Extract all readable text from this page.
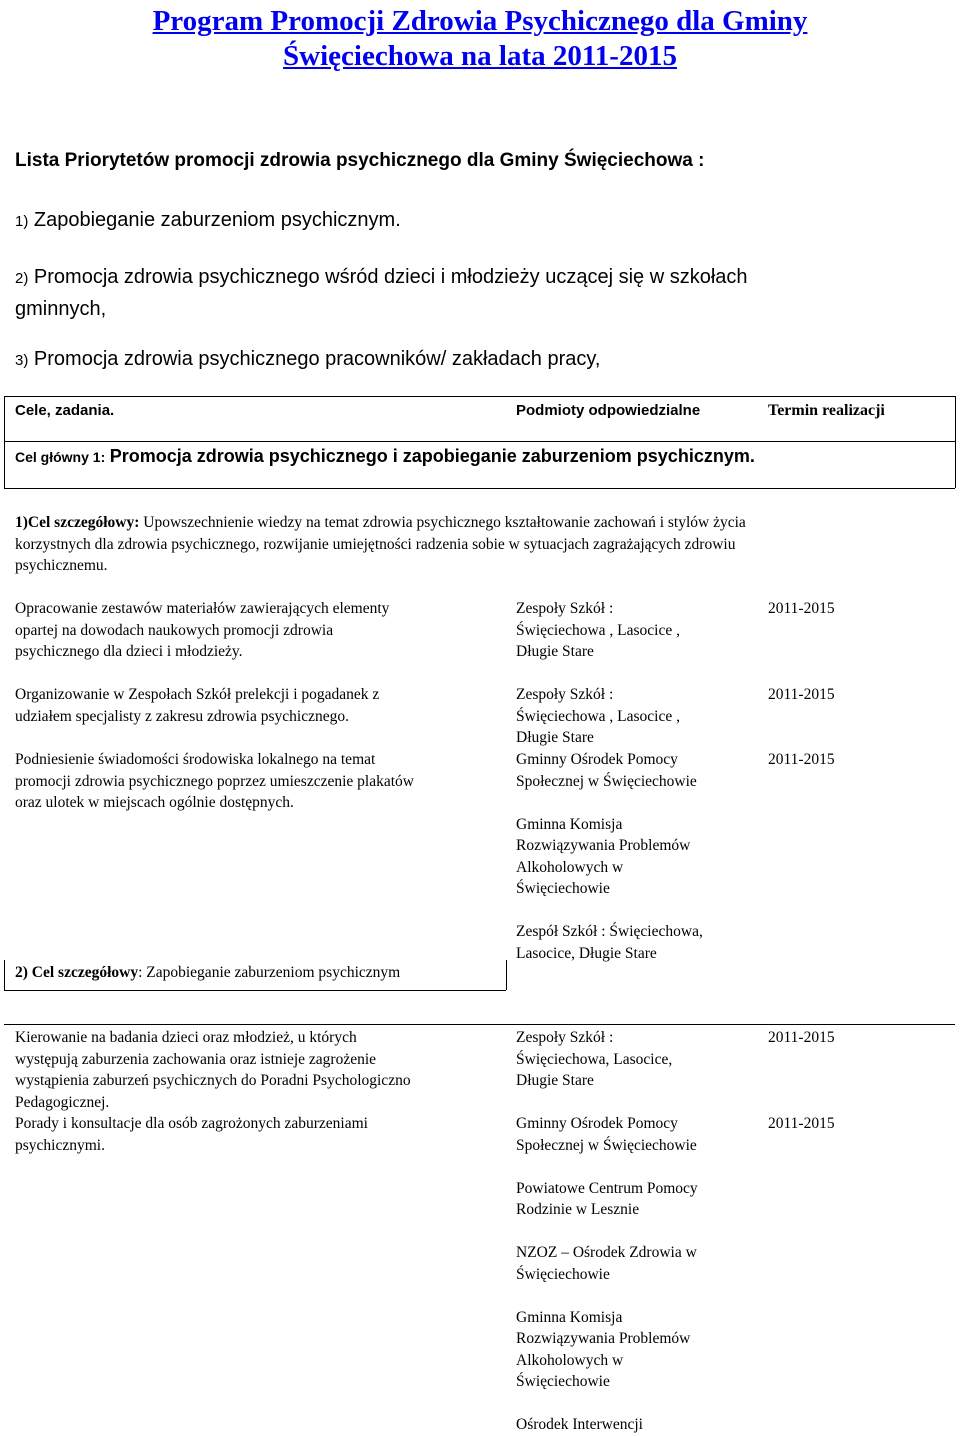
Program Promocji Zdrowia Psychicznego dla Gminy
Święciechowa na lata 2011-2015
Lista Priorytetów promocji zdrowia psychicznego dla Gminy Święciechowa :
1) Zapobieganie zaburzeniom psychicznym.
2) Promocja zdrowia psychicznego wśród dzieci i młodzieży uczącej się w szkołach
gminnych,
3) Promocja zdrowia psychicznego pracowników/ zakładach pracy,
Cele, zadania.	Podmioty odpowiedzialne	Termin realizacji
Cel główny 1: Promocja zdrowia psychicznego i zapobieganie zaburzeniom psychicznym.
1)Cel szczegółowy: Upowszechnienie wiedzy na temat zdrowia psychicznego kształtowanie zachowań i stylów życia
korzystnych dla zdrowia psychicznego, rozwijanie umiejętności radzenia sobie w sytuacjach zagrażających zdrowiu
psychicznemu.
Opracowanie zestawów materiałów zawierających elementy
opartej na dowodach naukowych promocji zdrowia
psychicznego dla dzieci i młodzieży.
Zespoły Szkół :
Święciechowa , Lasocice ,
Długie Stare
2011-2015
Organizowanie w Zespołach Szkół prelekcji i pogadanek z
udziałem specjalisty z zakresu zdrowia psychicznego.
Zespoły Szkół :
Święciechowa , Lasocice ,
Długie Stare
2011-2015
Podniesienie świadomości środowiska lokalnego na temat
promocji zdrowia psychicznego poprzez umieszczenie plakatów
oraz ulotek w miejscach ogólnie dostępnych.
Gminny Ośrodek Pomocy
Społecznej w Święciechowie

Gminna Komisja
Rozwiązywania Problemów
Alkoholowych w
Święciechowie

Zespół Szkół : Święciechowa,
Lasocice, Długie Stare
2011-2015
2) Cel szczegółowy: Zapobieganie zaburzeniom psychicznym
Kierowanie na badania dzieci oraz młodzież, u których
występują zaburzenia zachowania oraz istnieje zagrożenie
wystąpienia zaburzeń psychicznych do Poradni Psychologiczno
Pedagogicznej.
Zespoły Szkół :
Święciechowa, Lasocice,
Długie Stare
2011-2015
Porady i konsultacje dla osób zagrożonych zaburzeniami
psychicznymi.
Gminny Ośrodek Pomocy
Społecznej w Święciechowie

Powiatowe Centrum Pomocy
Rodzinie w Lesznie

NZOZ – Ośrodek Zdrowia w
Święciechowie

Gminna Komisja
Rozwiązywania Problemów
Alkoholowych w
Święciechowie

Ośrodek Interwencji
2011-2015
